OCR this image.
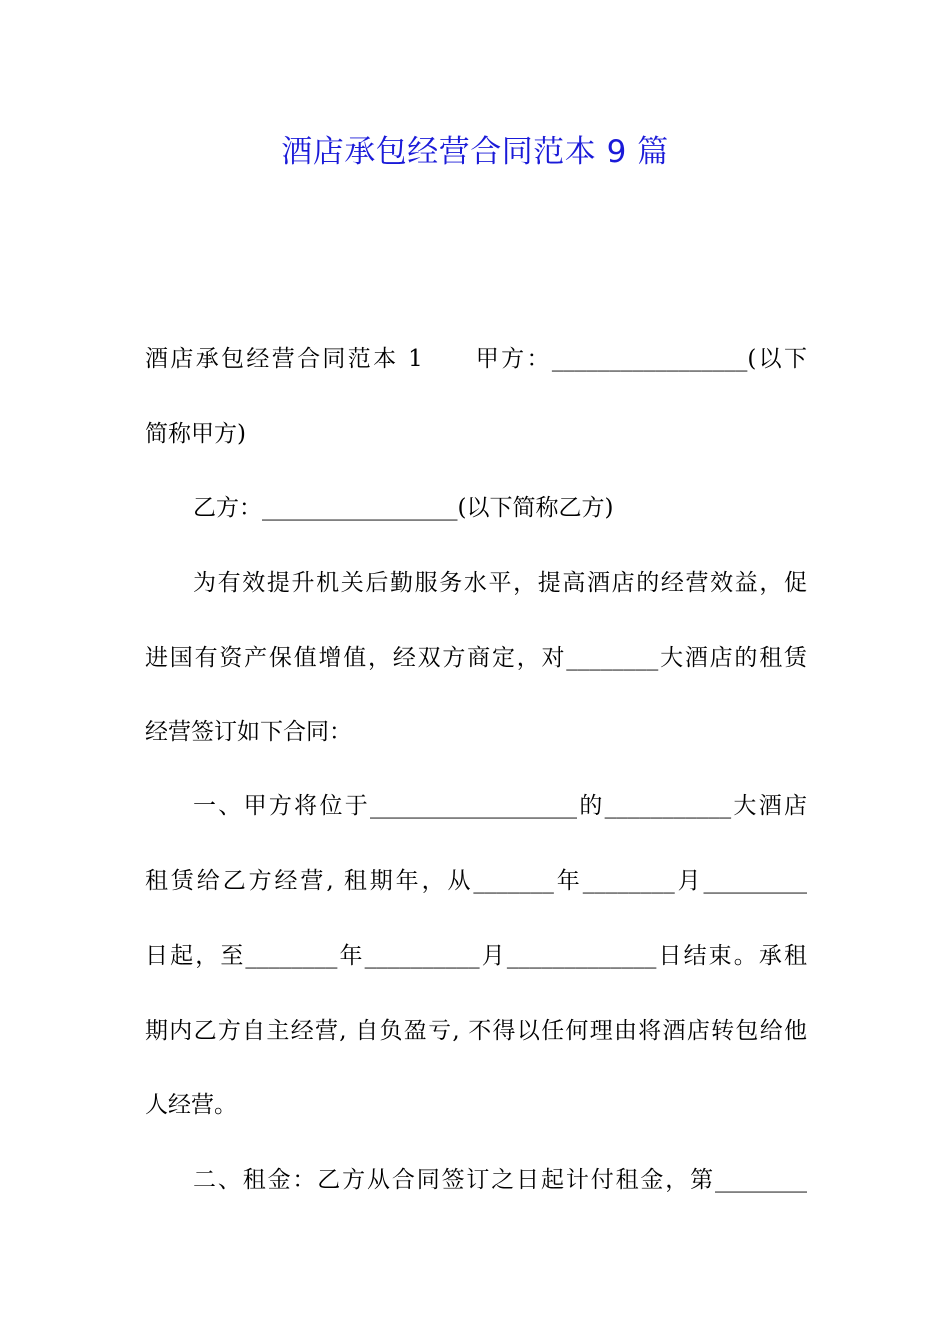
酒店承包经营合同范本 9 篇
酒店承包经营合同范本 1　　甲方：_________________(以下
简称甲方)
乙方：_________________(以下简称乙方)
为有效提升机关后勤服务水平，提高酒店的经营效益，促
进国有资产保值增值，经双方商定，对________大酒店的租赁
经营签订如下合同：
一、甲方将位于__________________的___________大酒店
租赁给乙方经营, 租期年，从_______年________月_________
日起，至________年__________月_____________日结束。承租
期内乙方自主经营, 自负盈亏, 不得以任何理由将酒店转包给他
人经营。
二、租金：乙方从合同签订之日起计付租金，第________
